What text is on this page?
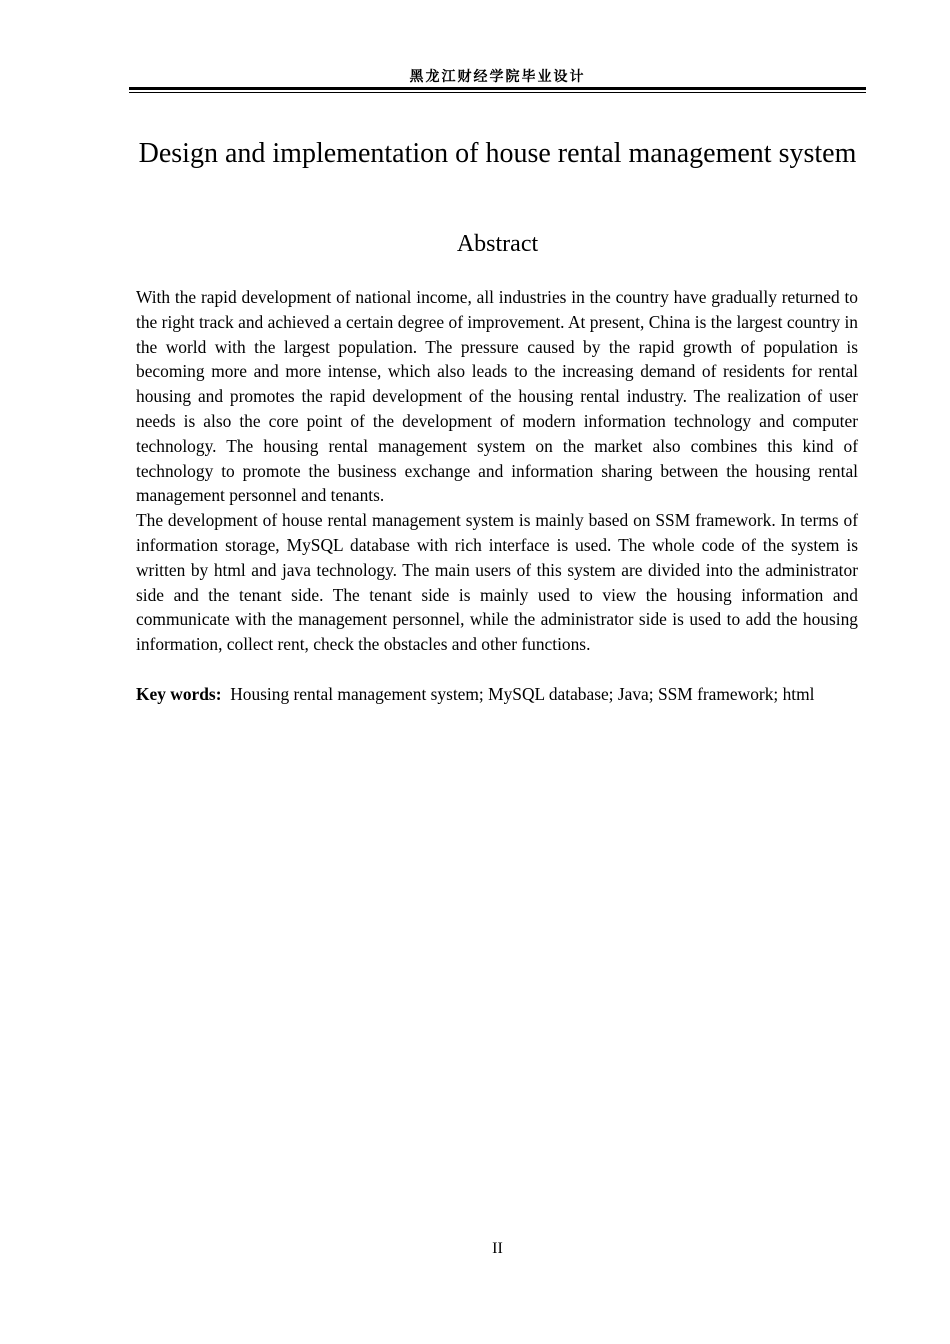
黑龙江财经学院毕业设计
Design and implementation of house rental management system
Abstract

With the rapid development of national income, all industries in the country have gradually returned to the right track and achieved a certain degree of improvement. At present, China is the largest country in the world with the largest population. The pressure caused by the rapid growth of population is becoming more and more intense, which also leads to the increasing demand of residents for rental housing and promotes the rapid development of the housing rental industry. The realization of user needs is also the core point of the development of modern information technology and computer technology. The housing rental management system on the market also combines this kind of technology to promote the business exchange and information sharing between the housing rental management personnel and tenants.

The development of house rental management system is mainly based on SSM framework. In terms of information storage, MySQL database with rich interface is used. The whole code of the system is written by html and java technology. The main users of this system are divided into the administrator side and the tenant side. The tenant side is mainly used to view the housing information and communicate with the management personnel, while the administrator side is used to add the housing information, collect rent, check the obstacles and other functions.

Key words: Housing rental management system; MySQL database; Java; SSM framework; html

II
